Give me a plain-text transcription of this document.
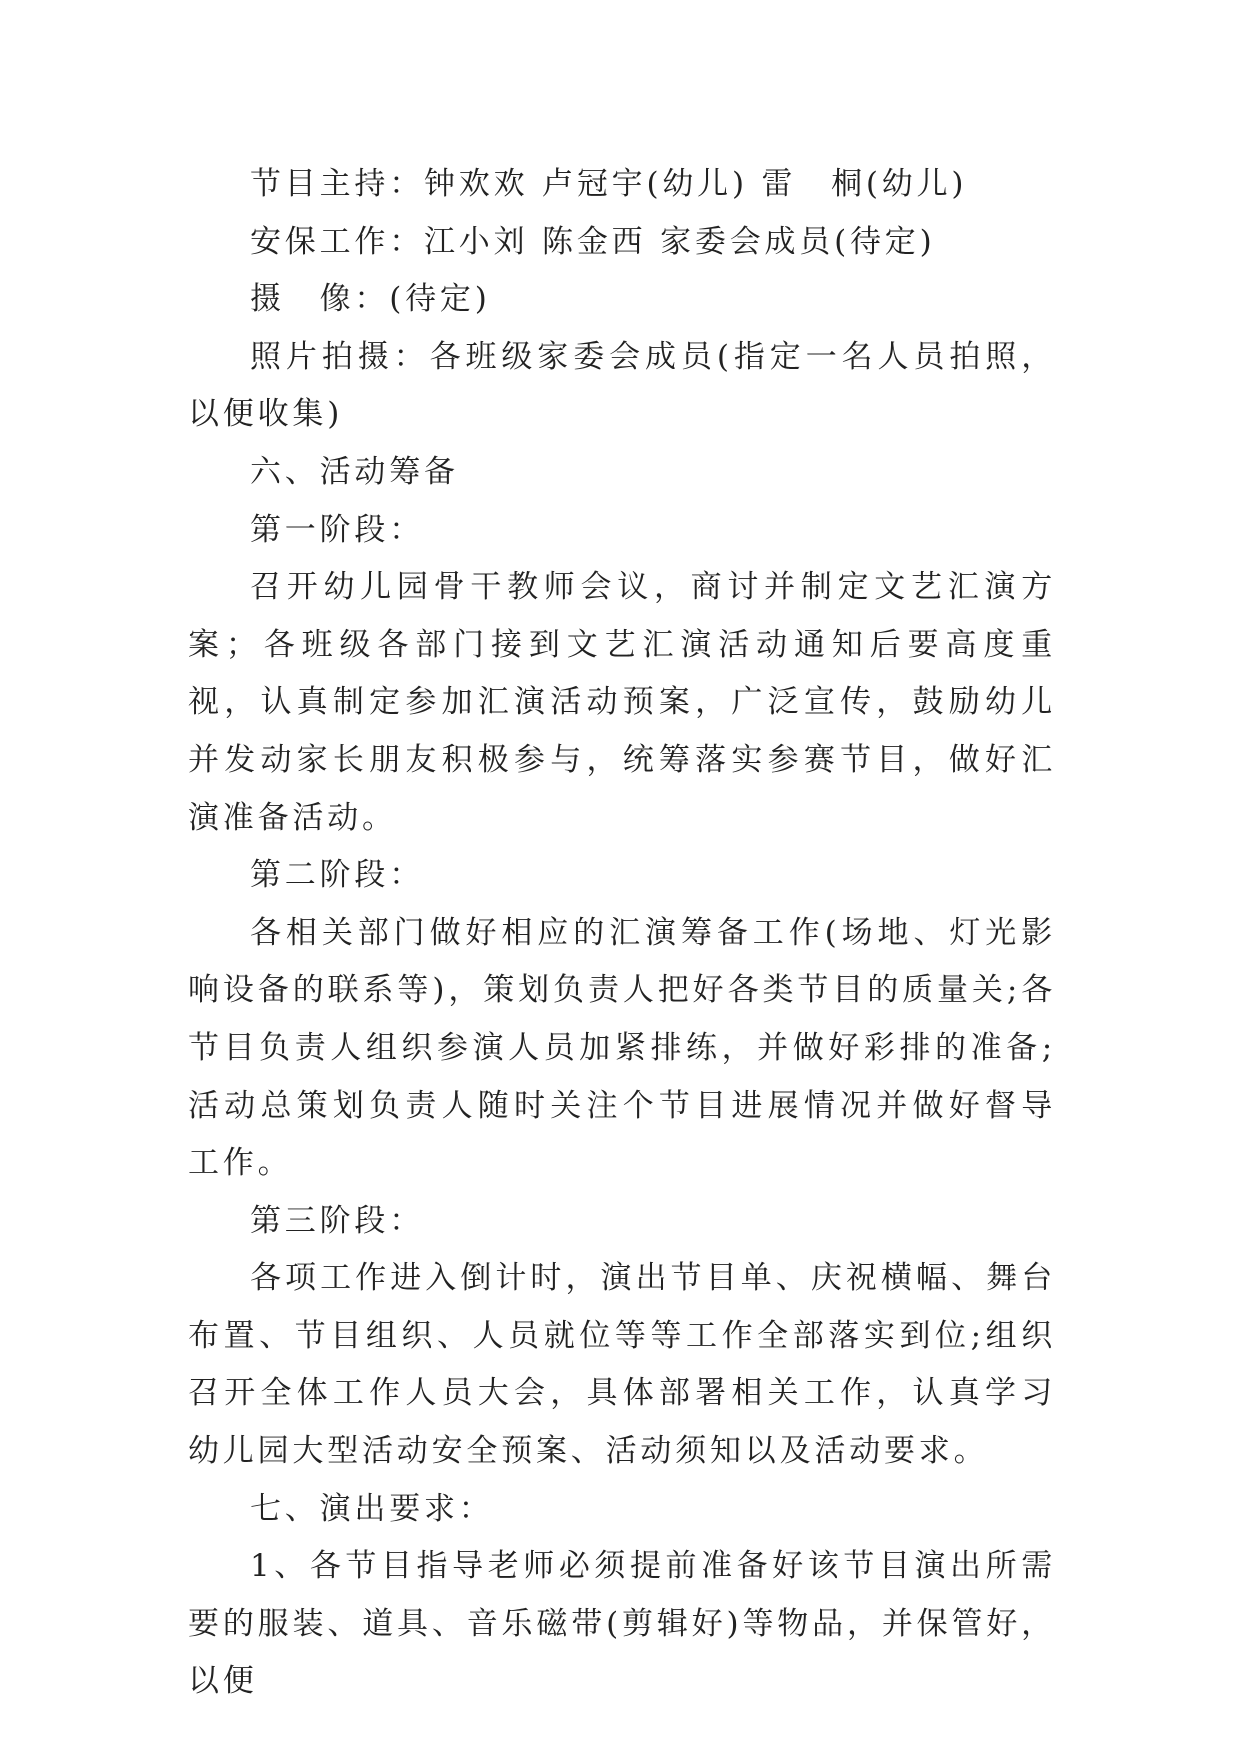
节目主持：钟欢欢 卢冠宇(幼儿) 雷　桐(幼儿)

安保工作：江小刘 陈金西 家委会成员(待定)

摄　像：(待定)

照片拍摄：各班级家委会成员(指定一名人员拍照，以便收集)

六、活动筹备

第一阶段：

召开幼儿园骨干教师会议，商讨并制定文艺汇演方案；各班级各部门接到文艺汇演活动通知后要高度重视，认真制定参加汇演活动预案，广泛宣传，鼓励幼儿并发动家长朋友积极参与，统筹落实参赛节目，做好汇演准备活动。

第二阶段：

各相关部门做好相应的汇演筹备工作(场地、灯光影响设备的联系等)，策划负责人把好各类节目的质量关;各节目负责人组织参演人员加紧排练，并做好彩排的准备;活动总策划负责人随时关注个节目进展情况并做好督导工作。

第三阶段：

各项工作进入倒计时，演出节目单、庆祝横幅、舞台布置、节目组织、人员就位等等工作全部落实到位;组织召开全体工作人员大会，具体部署相关工作，认真学习幼儿园大型活动安全预案、活动须知以及活动要求。

七、演出要求：

1、各节目指导老师必须提前准备好该节目演出所需要的服装、道具、音乐磁带(剪辑好)等物品，并保管好，以便
